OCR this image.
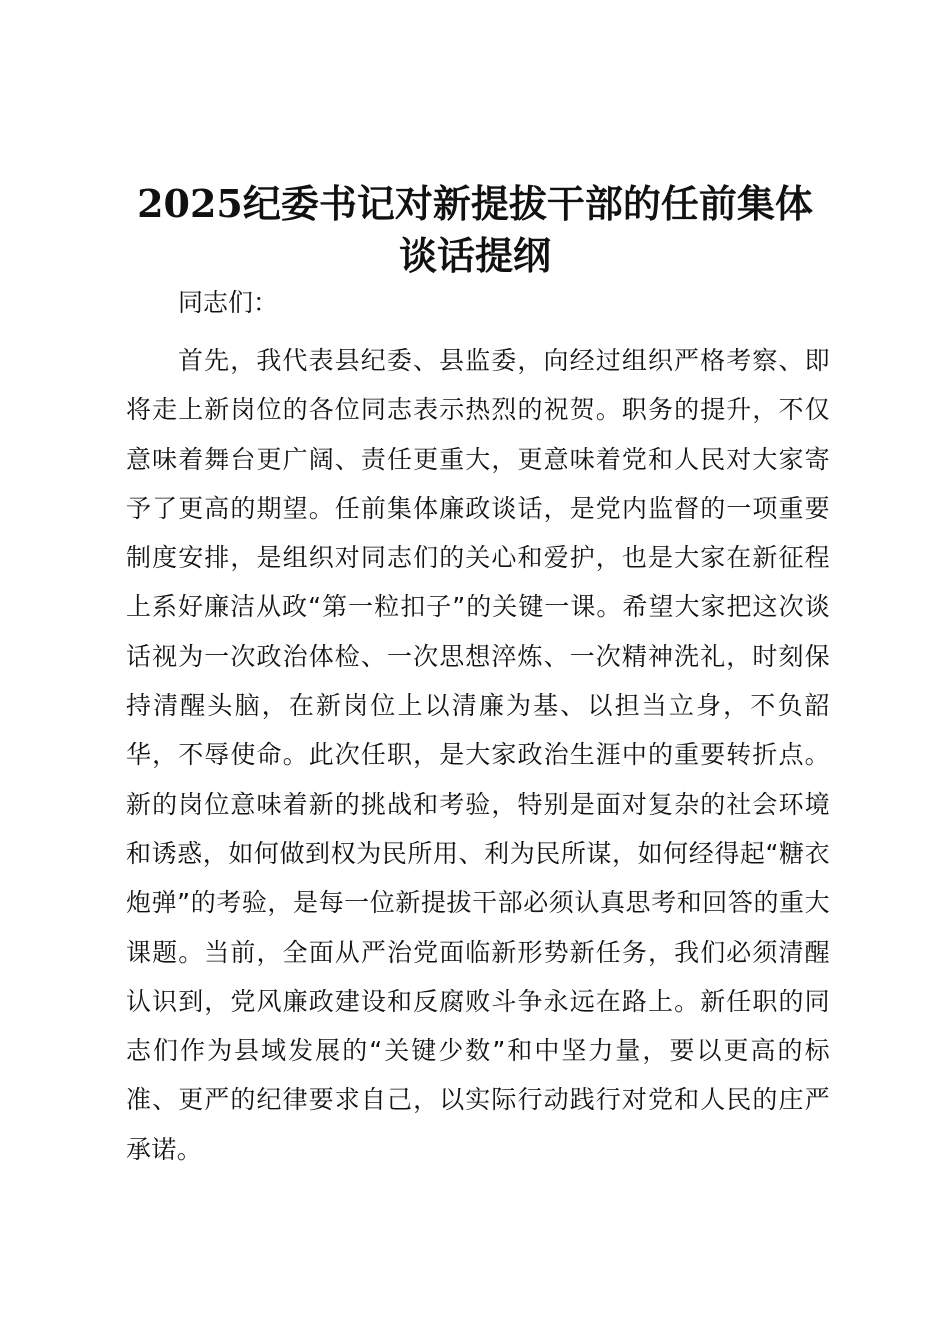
2025纪委书记对新提拔干部的任前集体谈话提纲

同志们：

首先，我代表县纪委、县监委，向经过组织严格考察、即将走上新岗位的各位同志表示热烈的祝贺。职务的提升，不仅意味着舞台更广阔、责任更重大，更意味着党和人民对大家寄予了更高的期望。任前集体廉政谈话，是党内监督的一项重要制度安排，是组织对同志们的关心和爱护，也是大家在新征程上系好廉洁从政“第一粒扣子”的关键一课。希望大家把这次谈话视为一次政治体检、一次思想淬炼、一次精神洗礼，时刻保持清醒头脑，在新岗位上以清廉为基、以担当立身，不负韶华，不辱使命。此次任职，是大家政治生涯中的重要转折点。新的岗位意味着新的挑战和考验，特别是面对复杂的社会环境和诱惑，如何做到权为民所用、利为民所谋，如何经得起“糖衣炮弹”的考验，是每一位新提拔干部必须认真思考和回答的重大课题。当前，全面从严治党面临新形势新任务，我们必须清醒认识到，党风廉政建设和反腐败斗争永远在路上。新任职的同志们作为县域发展的“关键少数”和中坚力量，要以更高的标准、更严的纪律要求自己，以实际行动践行对党和人民的庄严承诺。
